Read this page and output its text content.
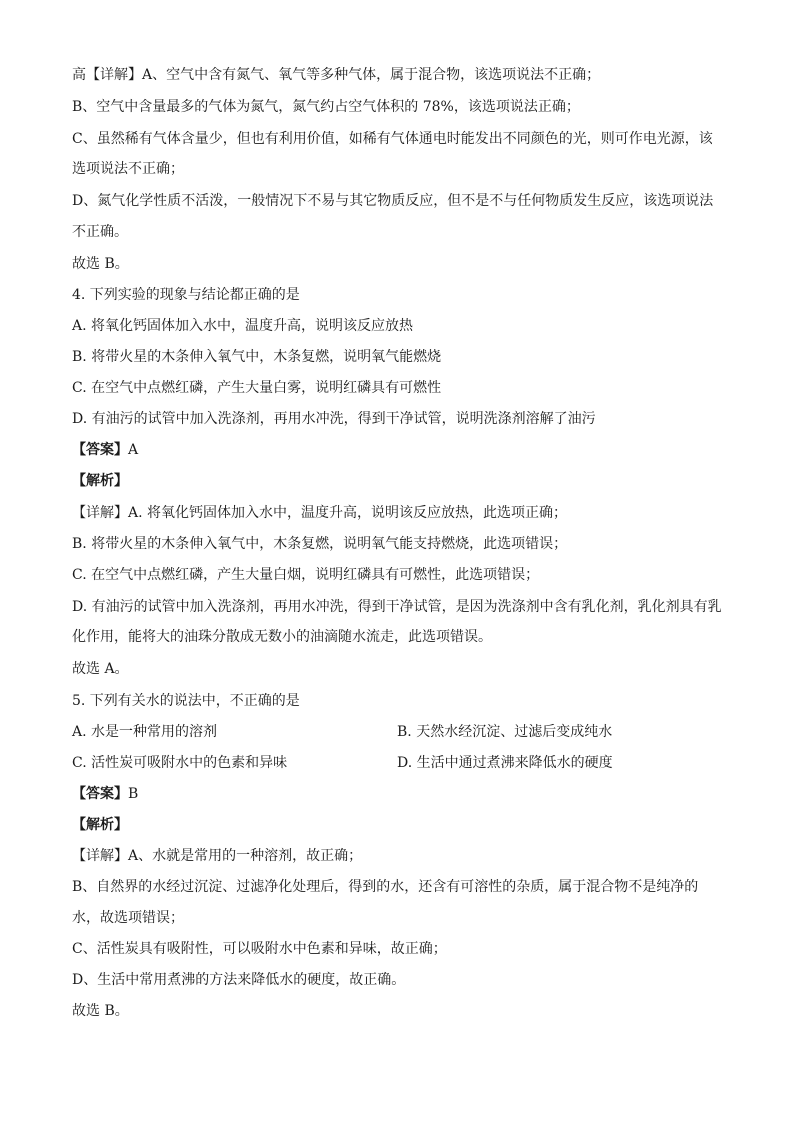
高【详解】A、空气中含有氮气、氧气等多种气体，属于混合物，该选项说法不正确；
B、空气中含量最多的气体为氮气，氮气约占空气体积的 78%，该选项说法正确；
C、虽然稀有气体含量少，但也有利用价值，如稀有气体通电时能发出不同颜色的光，则可作电光源，该
选项说法不正确；
D、氮气化学性质不活泼，一般情况下不易与其它物质反应，但不是不与任何物质发生反应，该选项说法
不正确。
故选 B。
4. 下列实验的现象与结论都正确的是
A. 将氧化钙固体加入水中，温度升高，说明该反应放热
B. 将带火星的木条伸入氧气中，木条复燃，说明氧气能燃烧
C. 在空气中点燃红磷，产生大量白雾，说明红磷具有可燃性
D. 有油污的试管中加入洗涤剂，再用水冲洗，得到干净试管，说明洗涤剂溶解了油污
【答案】A
【解析】
【详解】A. 将氧化钙固体加入水中，温度升高，说明该反应放热，此选项正确；
B. 将带火星的木条伸入氧气中，木条复燃，说明氧气能支持燃烧，此选项错误；
C. 在空气中点燃红磷，产生大量白烟，说明红磷具有可燃性，此选项错误；
D. 有油污的试管中加入洗涤剂，再用水冲洗，得到干净试管，是因为洗涤剂中含有乳化剂，乳化剂具有乳
化作用，能将大的油珠分散成无数小的油滴随水流走，此选项错误。
故选 A。
5. 下列有关水的说法中，不正确的是
A. 水是一种常用的溶剂	B. 天然水经沉淀、过滤后变成纯水
C. 活性炭可吸附水中的色素和异味	D. 生活中通过煮沸来降低水的硬度
【答案】B
【解析】
【详解】A、水就是常用的一种溶剂，故正确；
B、自然界的水经过沉淀、过滤净化处理后，得到的水，还含有可溶性的杂质，属于混合物不是纯净的
水，故选项错误；
C、活性炭具有吸附性，可以吸附水中色素和异味，故正确；
D、生活中常用煮沸的方法来降低水的硬度，故正确。
故选 B。
